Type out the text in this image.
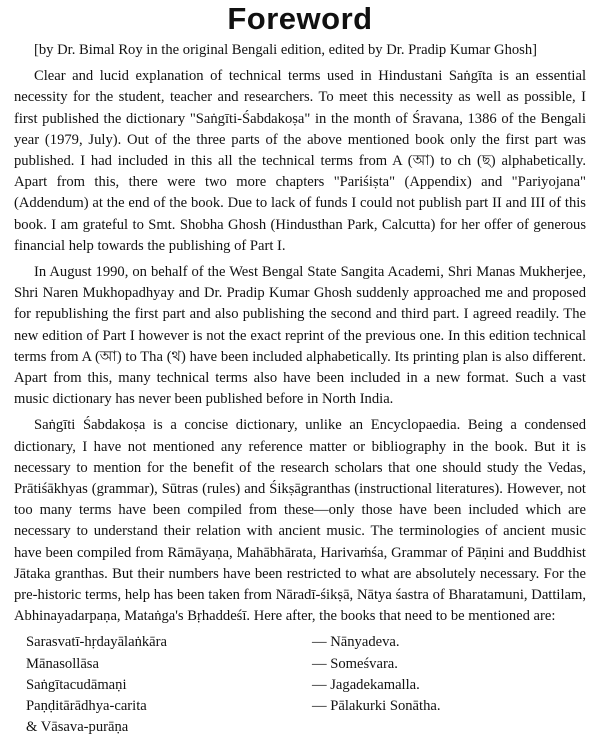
Foreword

[by Dr. Bimal Roy in the original Bengali edition, edited by Dr. Pradip Kumar Ghosh]

Clear and lucid explanation of technical terms used in Hindustani Saṅgīta is an essential necessity for the student, teacher and researchers. To meet this necessity as well as possible, I first published the dictionary "Saṅgīti-Śabdakoṣa" in the month of Śravana, 1386 of the Bengali year (1979, July). Out of the three parts of the above mentioned book only the first part was published. I had included in this all the technical terms from A (আ) to ch (ছ) alphabetically. Apart from this, there were two more chapters "Pariśiṣta" (Appendix) and "Pariyojana" (Addendum) at the end of the book. Due to lack of funds I could not publish part II and III of this book. I am grateful to Smt. Shobha Ghosh (Hindusthan Park, Calcutta) for her offer of generous financial help towards the publishing of Part I.

In August 1990, on behalf of the West Bengal State Sangita Academi, Shri Manas Mukherjee, Shri Naren Mukhopadhyay and Dr. Pradip Kumar Ghosh suddenly approached me and proposed for republishing the first part and also publishing the second and third part. I agreed readily. The new edition of Part I however is not the exact reprint of the previous one. In this edition technical terms from A (আ) to Tha (থ) have been included alphabetically. Its printing plan is also different. Apart from this, many technical terms also have been included in a new format. Such a vast music dictionary has never been published before in North India.

Saṅgīti Śabdakoṣa is a concise dictionary, unlike an Encyclopaedia. Being a condensed dictionary, I have not mentioned any reference matter or bibliography in the book. But it is necessary to mention for the benefit of the research scholars that one should study the Vedas, Prātiśākhyas (grammar), Sūtras (rules) and Śikṣāgranthas (instructional literatures). However, not too many terms have been compiled from these—only those have been included which are necessary to understand their relation with ancient music. The terminologies of ancient music have been compiled from Rāmāyaṇa, Mahābhārata, Harivaṁśa, Grammar of Pāṇini and Buddhist Jātaka granthas. But their numbers have been restricted to what are absolutely necessary. For the pre-historic terms, help has been taken from Nāradī-śikṣā, Nātya śastra of Bharatamuni, Dattilam, Abhinayadarpaṇa, Mataṅga's Bṛhaddeśī. Here after, the books that need to be mentioned are:

Sarasvatī-hṛdayālaṅkāra	— Nānyadeva.
Mānasollāsa	— Someśvara.
Saṅgītacudāmaṇi	— Jagadekamalla.
Paṇḍitārādhya-carita	— Pālakurki Sonātha.
& Vāsava-purāṇa
